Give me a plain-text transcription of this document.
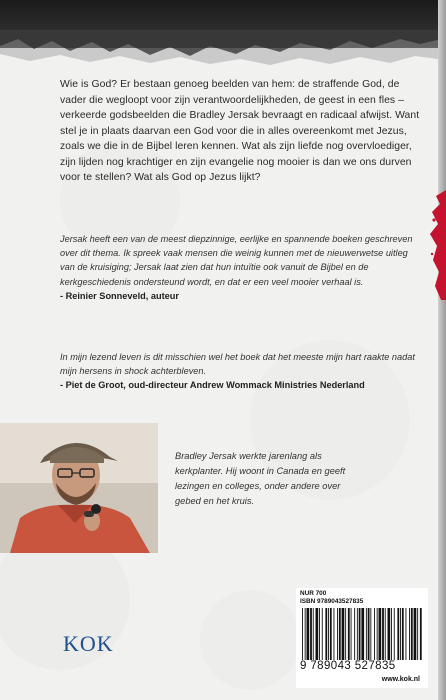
Wie is God? Er bestaan genoeg beelden van hem: de straffende God, de vader die wegloopt voor zijn verantwoordelijkheden, de geest in een fles – verkeerde godsbeelden die Bradley Jersak bevraagt en radicaal afwijst. Want stel je in plaats daarvan een God voor die in alles overeenkomt met Jezus, zoals we die in de Bijbel leren kennen. Wat als zijn liefde nog overvloediger, zijn lijden nog krachtiger en zijn evangelie nog mooier is dan we ons durven voor te stellen? Wat als God op Jezus lijkt?
Jersak heeft een van de meest diepzinnige, eerlijke en spannende boeken geschreven over dit thema. Ik spreek vaak mensen die weinig kunnen met de nieuwerwetse uitleg van de kruisiging; Jersak laat zien dat hun intuïtie ook vanuit de Bijbel en de kerkgeschiedenis ondersteund wordt, en dat er een veel mooier verhaal is.
- Reinier Sonneveld, auteur
In mijn lezend leven is dit misschien wel het boek dat het meeste mijn hart raakte nadat mijn hersens in shock achterbleven.
- Piet de Groot, oud-directeur Andrew Wommack Ministries Nederland
Bradley Jersak werkte jarenlang als kerkplanter. Hij woont in Canada en geeft lezingen en colleges, onder andere over gebed en het kruis.
NUR 700
ISBN 9789043527835
9 789043 527835
www.kok.nl
KOK
